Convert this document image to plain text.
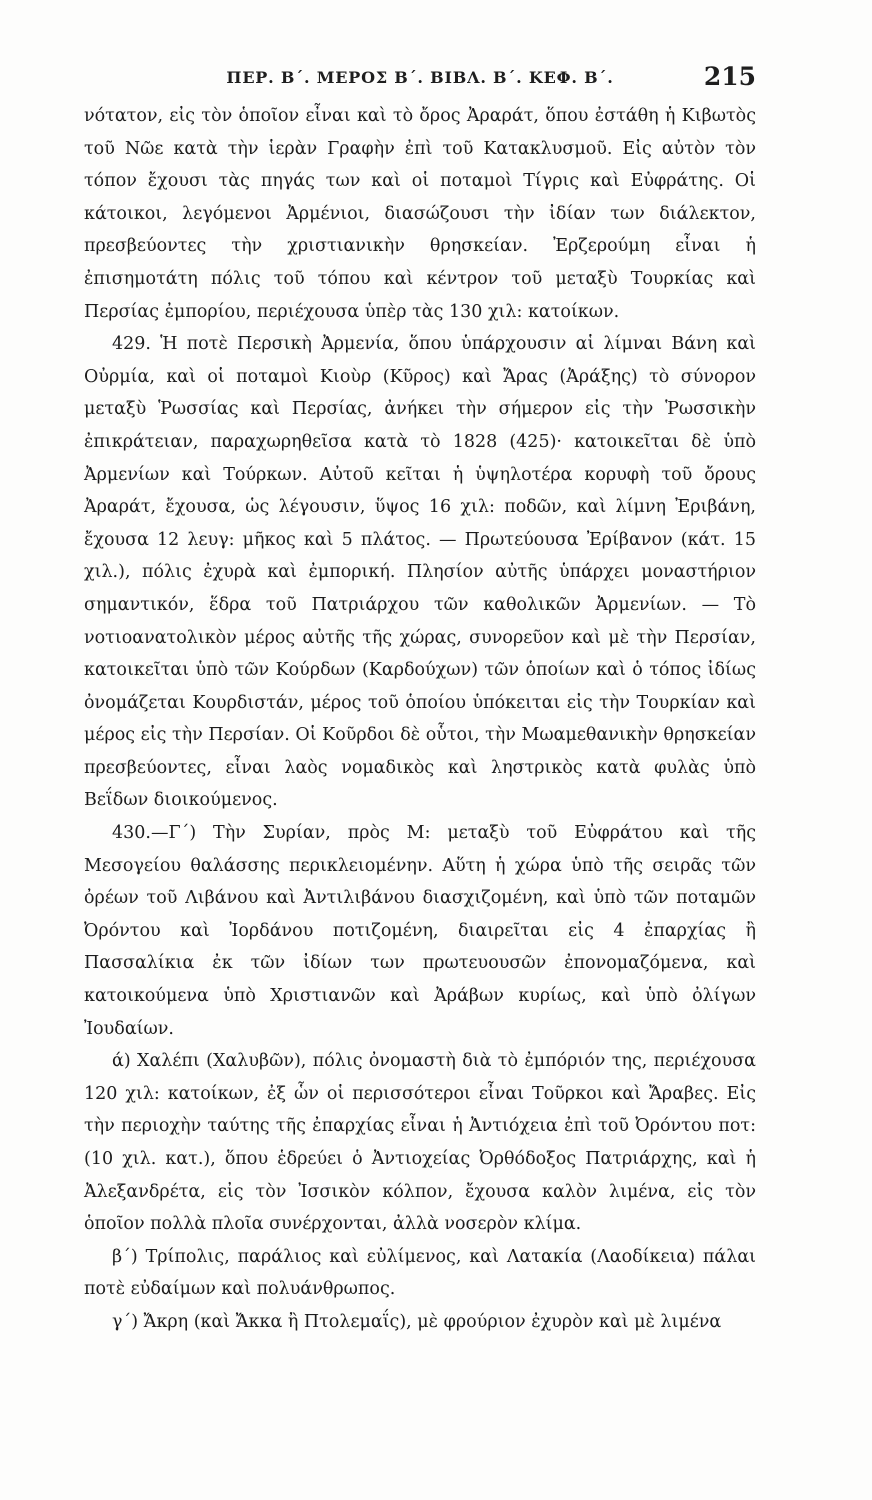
ΠΕΡ. Β΄. ΜΕΡΟΣ Β΄. ΒΙΒΛ. Β΄. ΚΕΦ. Β΄.	215

νότατον, εἰς τὸν ὁποῖον εἶναι καὶ τὸ ὄρος Ἀραράτ, ὅπου ἐστάθη ἡ Κιβωτὸς τοῦ Νῶε κατὰ τὴν ἱερὰν Γραφὴν ἐπὶ τοῦ Κατακλυσμοῦ. Εἰς αὐτὸν τὸν τόπον ἔχουσι τὰς πηγάς των καὶ οἱ ποταμοὶ Τίγρις καὶ Εὐφράτης. Οἱ κάτοικοι, λεγόμενοι Ἀρμένιοι, διασώζουσι τὴν ἰδίαν των διάλεκτον, πρεσβεύοντες τὴν χριστιανικὴν θρησκείαν. Ἐρζερούμη εἶναι ἡ ἐπισημοτάτη πόλις τοῦ τόπου καὶ κέντρον τοῦ μεταξὺ Τουρκίας καὶ Περσίας ἐμπορίου, περιέχουσα ὑπὲρ τὰς 130 χιλ: κατοίκων.

429. Ἡ ποτὲ Περσικὴ Ἀρμενία, ὅπου ὑπάρχουσιν αἱ λίμναι Βάνη καὶ Οὐρμία, καὶ οἱ ποταμοὶ Κιοὺρ (Κῦρος) καὶ Ἄρας (Ἀράξης) τὸ σύνορον μεταξὺ Ῥωσσίας καὶ Περσίας, ἀνήκει τὴν σήμερον εἰς τὴν Ῥωσσικὴν ἐπικράτειαν, παραχωρηθεῖσα κατὰ τὸ 1828 (425)· κατοικεῖται δὲ ὑπὸ Ἀρμενίων καὶ Τούρκων. Αὐτοῦ κεῖται ἡ ὑψηλοτέρα κορυφὴ τοῦ ὄρους Ἀραράτ, ἔχουσα, ὡς λέγουσιν, ὕψος 16 χιλ: ποδῶν, καὶ λίμνη Ἐριβάνη, ἔχουσα 12 λευγ: μῆκος καὶ 5 πλάτος. — Πρωτεύουσα Ἐρίβανον (κάτ. 15 χιλ.), πόλις ἐχυρὰ καὶ ἐμπορική. Πλησίον αὐτῆς ὑπάρχει μοναστήριον σημαντικόν, ἕδρα τοῦ Πατριάρχου τῶν καθολικῶν Ἀρμενίων. — Τὸ νοτιοανατολικὸν μέρος αὐτῆς τῆς χώρας, συνορεῦον καὶ μὲ τὴν Περσίαν, κατοικεῖται ὑπὸ τῶν Κούρδων (Καρδούχων) τῶν ὁποίων καὶ ὁ τόπος ἰδίως ὀνομάζεται Κουρδιστάν, μέρος τοῦ ὁποίου ὑπόκειται εἰς τὴν Τουρκίαν καὶ μέρος εἰς τὴν Περσίαν. Οἱ Κοῦρδοι δὲ οὗτοι, τὴν Μωαμεθανικὴν θρησκείαν πρεσβεύοντες, εἶναι λαὸς νομαδικὸς καὶ ληστρικὸς κατὰ φυλὰς ὑπὸ Βεΐδων διοικούμενος.

430.—Γ΄) Τὴν Συρίαν, πρὸς Μ: μεταξὺ τοῦ Εὐφράτου καὶ τῆς Μεσογείου θαλάσσης περικλειομένην. Αὕτη ἡ χώρα ὑπὸ τῆς σειρᾶς τῶν ὀρέων τοῦ Λιβάνου καὶ Ἀντιλιβάνου διασχιζομένη, καὶ ὑπὸ τῶν ποταμῶν Ὀρόντου καὶ Ἰορδάνου ποτιζομένη, διαιρεῖται εἰς 4 ἐπαρχίας ἢ Πασσαλίκια ἐκ τῶν ἰδίων των πρωτευουσῶν ἐπονομαζόμενα, καὶ κατοικούμενα ὑπὸ Χριστιανῶν καὶ Ἀράβων κυρίως, καὶ ὑπὸ ὀλίγων Ἰουδαίων.

ά) Χαλέπι (Χαλυβῶν), πόλις ὀνομαστὴ διὰ τὸ ἐμπόριόν της, περιέχουσα 120 χιλ: κατοίκων, ἐξ ὧν οἱ περισσότεροι εἶναι Τοῦρκοι καὶ Ἄραβες. Εἰς τὴν περιοχὴν ταύτης τῆς ἐπαρχίας εἶναι ἡ Ἀντιόχεια ἐπὶ τοῦ Ὀρόντου ποτ: (10 χιλ. κατ.), ὅπου ἑδρεύει ὁ Ἀντιοχείας Ὀρθόδοξος Πατριάρχης, καὶ ἡ Ἀλεξανδρέτα, εἰς τὸν Ἰσσικὸν κόλπον, ἔχουσα καλὸν λιμένα, εἰς τὸν ὁποῖον πολλὰ πλοῖα συνέρχονται, ἀλλὰ νοσερὸν κλίμα.

β΄) Τρίπολις, παράλιος καὶ εὐλίμενος, καὶ Λατακία (Λαοδίκεια) πάλαι ποτὲ εὐδαίμων καὶ πολυάνθρωπος.

γ΄) Ἄκρη (καὶ Ἄκκα ἢ Πτολεμαΐς), μὲ φρούριον ἐχυρὸν καὶ μὲ λιμένα
